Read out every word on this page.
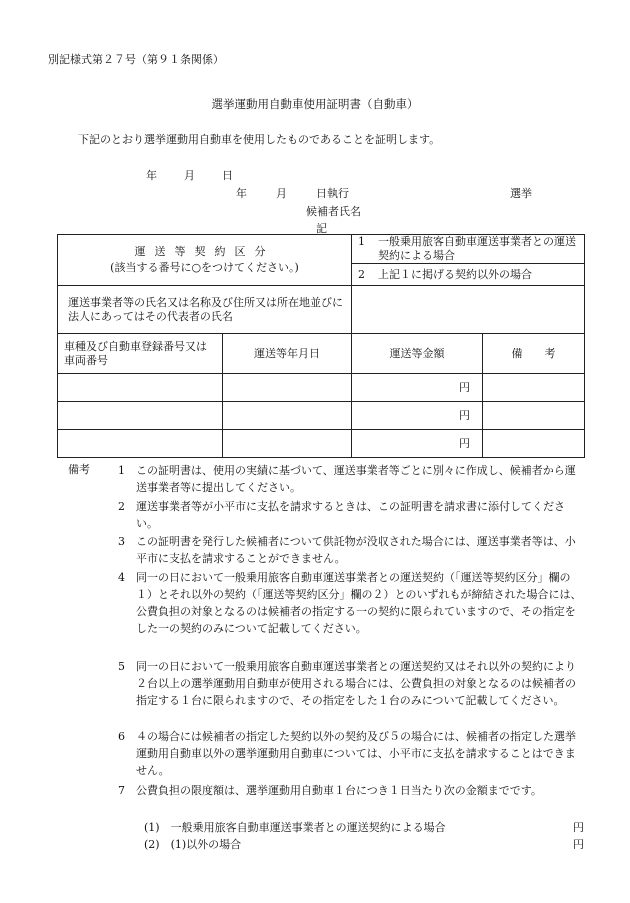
別記様式第２７号（第９１条関係）
選挙運動用自動車使用証明書（自動車）
下記のとおり選挙運動用自動車を使用したものであることを証明します。
年 月 日
年	月	日執行	選挙
候補者氏名
記
運送等契約区分
(該当する番号に○をつけてください。)		1 一般乗用旅客自動車運送事業者との運送契約による場合	

		2 上記１に掲げる契約以外の場合	
運送事業者等の氏名又は名称及び住所又は所在地並びに法人にあってはその代表者の氏名			
車種及び自動車登録番号又は車両番号	運送等年月日	運送等金額	備　　考
		円	
		円	
		円	
備考	1	この証明書は、使用の実績に基づいて、運送事業者等ごとに別々に作成し、候補者から運送事業者等に提出してください。
2	運送事業者等が小平市に支払を請求するときは、この証明書を請求書に添付してください。
3	この証明書を発行した候補者について供託物が没収された場合には、運送事業者等は、小平市に支払を請求することができません。
4	同一の日において一般乗用旅客自動車運送事業者との運送契約（「運送等契約区分」欄の１）とそれ以外の契約（「運送等契約区分」欄の２）とのいずれもが締結された場合には、公費負担の対象となるのは候補者の指定する一の契約に限られていますので、その指定をした一の契約のみについて記載してください。
5	同一の日において一般乗用旅客自動車運送事業者との運送契約又はそれ以外の契約により２台以上の選挙運動用自動車が使用される場合には、公費負担の対象となるのは候補者の指定する１台に限られますので、その指定をした１台のみについて記載してください。
6	４の場合には候補者の指定した契約以外の契約及び５の場合には、候補者の指定した選挙運動用自動車以外の選挙運動用自動車については、小平市に支払を請求することはできません。
7	公費負担の限度額は、選挙運動用自動車１台につき１日当たり次の金額までです。
(1)　一般乗用旅客自動車運送事業者との運送契約による場合	円
(2)　(1)以外の場合	円
